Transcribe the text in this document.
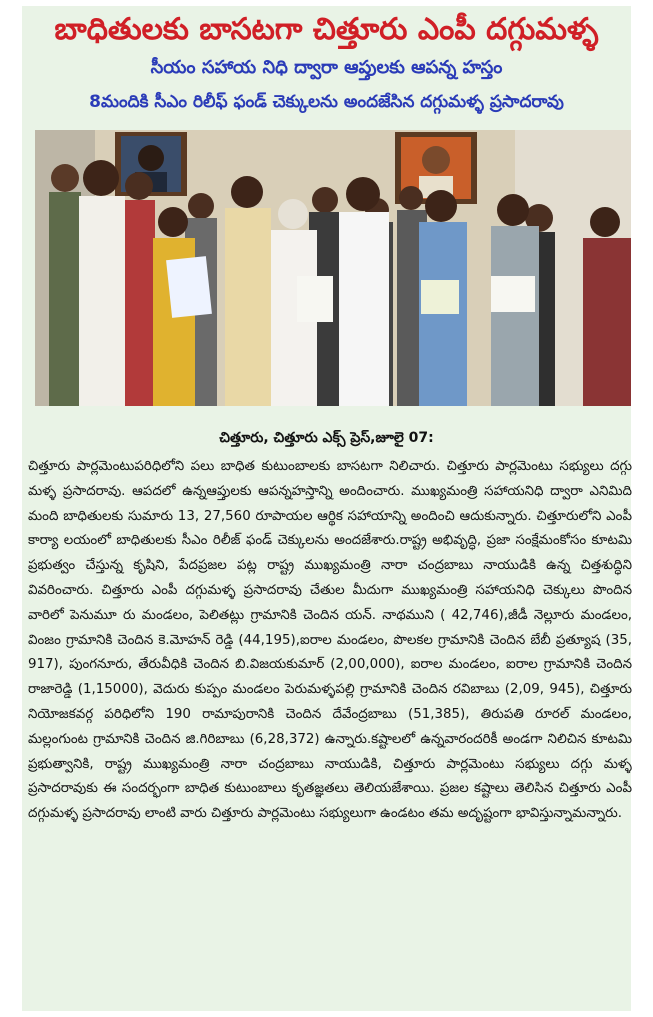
బాధితులకు బాసటగా చిత్తూరు ఎంపీ దగ్గుమళ్ళ
సీయం సహాయ నిధి ద్వారా ఆప్తులకు ఆపన్న హస్తం
8మందికి సీఎం రిలీఫ్ ఫండ్ చెక్కులను అందజేసిన దగ్గుమళ్ళ ప్రసాదరావు
చిత్తూరు, చిత్తూరు ఎక్స్ ప్రెస్,జూలై 07:
చిత్తూరు పార్లమెంటుపరిధిలోని పలు బాధిత కుటుంబాలకు బాసటగా నిలిచారు. చిత్తూరు పార్లమెంటు సభ్యులు దగ్గు మళ్ళ ప్రసాదరావు. ఆపదలో ఉన్నఆప్తులకు ఆపన్నహస్తాన్ని అందించారు. ముఖ్యమంత్రి సహాయనిధి ద్వారా ఎనిమిది మంది బాధితులకు సుమారు 13, 27,560 రూపాయల ఆర్థిక సహాయాన్ని అందించి ఆదుకున్నారు. చిత్తూరులోని ఎంపీ కార్యా లయంలో బాధితులకు సీఎం రిలీజ్ ఫండ్ చెక్కులను అందజేశారు.రాష్ట్ర అభివృద్ధి, ప్రజా సంక్షేమంకోసం కూటమి ప్రభుత్వం చేస్తున్న కృషిని, పేదప్రజల పట్ల రాష్ట్ర ముఖ్యమంత్రి నారా చంద్రబాబు నాయుడికి ఉన్న చిత్తశుద్ధిని వివరించారు. చిత్తూరు ఎంపీ దగ్గుమళ్ళ ప్రసాదరావు చేతుల మీదుగా ముఖ్యమంత్రి సహాయనిధి చెక్కులు పొందిన వారిలో పెనుమూ రు మండలం, పెలితట్లు గ్రామానికి చెందిన యన్. నాథముని ( 42,746),జీడీ నెల్లూరు మండలం, వింజం గ్రామానికి చెందిన కె.మోహన్ రెడ్డి (44,195),ఐరాల మండలం, పొలకల గ్రామానికి చెందిన బేబీ ప్రత్యూష (35, 917), పుంగనూరు, తేరువీధికి చెందిన బి.విజయకుమార్ (2,00,000), ఐరాల మండలం, ఐరాల గ్రామానికి చెందిన రాజారెడ్డి (1,15000), వెదురు కుప్పం మండలం పెరుమళ్ళపల్లి గ్రామానికి చెందిన రవిబాబు (2,09, 945), చిత్తూరు నియోజకవర్గ పరిధిలోని 190 రామాపురానికి చెందిన దేవేంద్రబాబు (51,385), తిరుపతి రూరల్ మండలం, మల్లంగుంట గ్రామానికి చెందిన జి.గిరిబాబు (6,28,372) ఉన్నారు.కష్టాలలో ఉన్నవారందరికీ అండగా నిలిచిన కూటమి ప్రభుత్వానికి, రాష్ట్ర ముఖ్యమంత్రి నారా చంద్రబాబు నాయుడికి, చిత్తూరు పార్లమెంటు సభ్యులు దగ్గు మళ్ళ ప్రసాదరావుకు ఈ సందర్భంగా బాధిత కుటుంబాలు కృతజ్ఞతలు తెలియజేశాయి. ప్రజల కష్టాలు తెలిసిన చిత్తూరు ఎంపీ దగ్గుమళ్ళ ప్రసాదరావు లాంటి వారు చిత్తూరు పార్లమెంటు సభ్యులుగా ఉండటం తమ అదృష్టంగా భావిస్తున్నామన్నారు.
